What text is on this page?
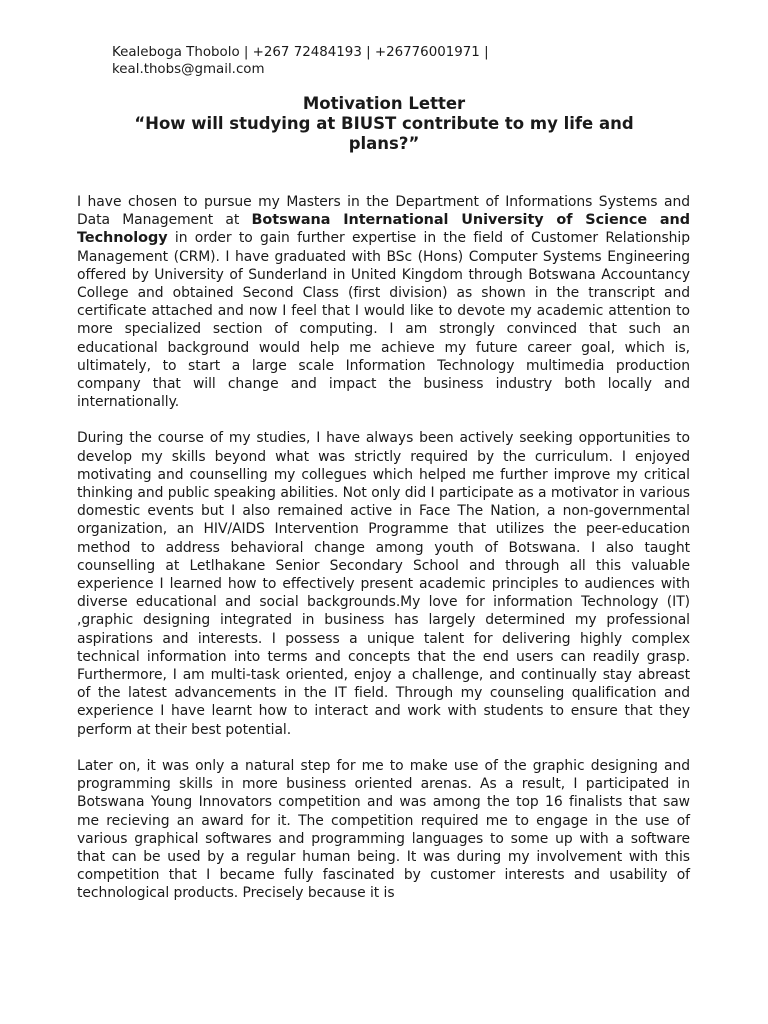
Kealeboga Thobolo | +267 72484193 | +26776001971 |
keal.thobs@gmail.com
Motivation Letter
“How will studying at BIUST contribute to my life and plans?”

I have chosen to pursue my Masters in the Department of Informations Systems and Data Management at Botswana International University of Science and Technology in order to gain further expertise in the field of Customer Relationship Management (CRM). I have graduated with BSc (Hons) Computer Systems Engineering offered by University of Sunderland in United Kingdom through Botswana Accountancy College and obtained Second Class (first division) as shown in the transcript and certificate attached and now I feel that I would like to devote my academic attention to more specialized section of computing. I am strongly convinced that such an educational background would help me achieve my future career goal, which is, ultimately, to start a large scale Information Technology multimedia production company that will change and impact the business industry both locally and internationally.

During the course of my studies, I have always been actively seeking opportunities to develop my skills beyond what was strictly required by the curriculum. I enjoyed motivating and counselling my collegues which helped me further improve my critical thinking and public speaking abilities. Not only did I participate as a motivator in various domestic events but I also remained active in Face The Nation, a non-governmental organization, an HIV/AIDS Intervention Programme that utilizes the peer-education method to address behavioral change among youth of Botswana. I also taught counselling at Letlhakane Senior Secondary School and through all this valuable experience I learned how to effectively present academic principles to audiences with diverse educational and social backgrounds.My love for information Technology (IT) ,graphic designing integrated in business has largely determined my professional aspirations and interests. I possess a unique talent for delivering highly complex technical information into terms and concepts that the end users can readily grasp. Furthermore, I am multi-task oriented, enjoy a challenge, and continually stay abreast of the latest advancements in the IT field. Through my counseling qualification and experience I have learnt how to interact and work with students to ensure that they perform at their best potential.

Later on, it was only a natural step for me to make use of the graphic designing and programming skills in more business oriented arenas. As a result, I participated in Botswana Young Innovators competition and was among the top 16 finalists that saw me recieving an award for it. The competition required me to engage in the use of various graphical softwares and programming languages to some up with a software that can be used by a regular human being. It was during my involvement with this competition that I became fully fascinated by customer interests and usability of technological products. Precisely because it is
